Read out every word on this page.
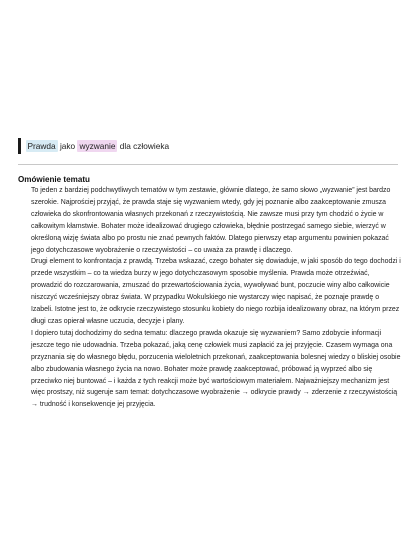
Prawda jako wyzwanie dla człowieka
Omówienie tematu

To jeden z bardziej podchwytliwych tematów w tym zestawie, głównie dlatego, że samo słowo „wyzwanie” jest bardzo szerokie. Najprościej przyjąć, że prawda staje się wyzwaniem wtedy, gdy jej poznanie albo zaakceptowanie zmusza człowieka do skonfrontowania własnych przekonań z rzeczywistością. Nie zawsze musi przy tym chodzić o życie w całkowitym kłamstwie. Bohater może idealizować drugiego człowieka, błędnie postrzegać samego siebie, wierzyć w określoną wizję świata albo po prostu nie znać pewnych faktów. Dlatego pierwszy etap argumentu powinien pokazać jego dotychczasowe wyobrażenie o rzeczywistości – co uważa za prawdę i dlaczego.

Drugi element to konfrontacja z prawdą. Trzeba wskazać, czego bohater się dowiaduje, w jaki sposób do tego dochodzi i przede wszystkim – co ta wiedza burzy w jego dotychczasowym sposobie myślenia. Prawda może otrzeźwiać, prowadzić do rozczarowania, zmuszać do przewartościowania życia, wywoływać bunt, poczucie winy albo całkowicie niszczyć wcześniejszy obraz świata. W przypadku Wokulskiego nie wystarczy więc napisać, że poznaje prawdę o Izabeli. Istotne jest to, że odkrycie rzeczywistego stosunku kobiety do niego rozbija idealizowany obraz, na którym przez długi czas opierał własne uczucia, decyzje i plany.

I dopiero tutaj dochodzimy do sedna tematu: dlaczego prawda okazuje się wyzwaniem? Samo zdobycie informacji jeszcze tego nie udowadnia. Trzeba pokazać, jaką cenę człowiek musi zapłacić za jej przyjęcie. Czasem wymaga ona przyznania się do własnego błędu, porzucenia wieloletnich przekonań, zaakceptowania bolesnej wiedzy o bliskiej osobie albo zbudowania własnego życia na nowo. Bohater może prawdę zaakceptować, próbować ją wyprzeć albo się przeciwko niej buntować – i każda z tych reakcji może być wartościowym materiałem. Najważniejszy mechanizm jest więc prostszy, niż sugeruje sam temat: dotychczasowe wyobrażenie → odkrycie prawdy → zderzenie z rzeczywistością → trudność i konsekwencje jej przyjęcia.
